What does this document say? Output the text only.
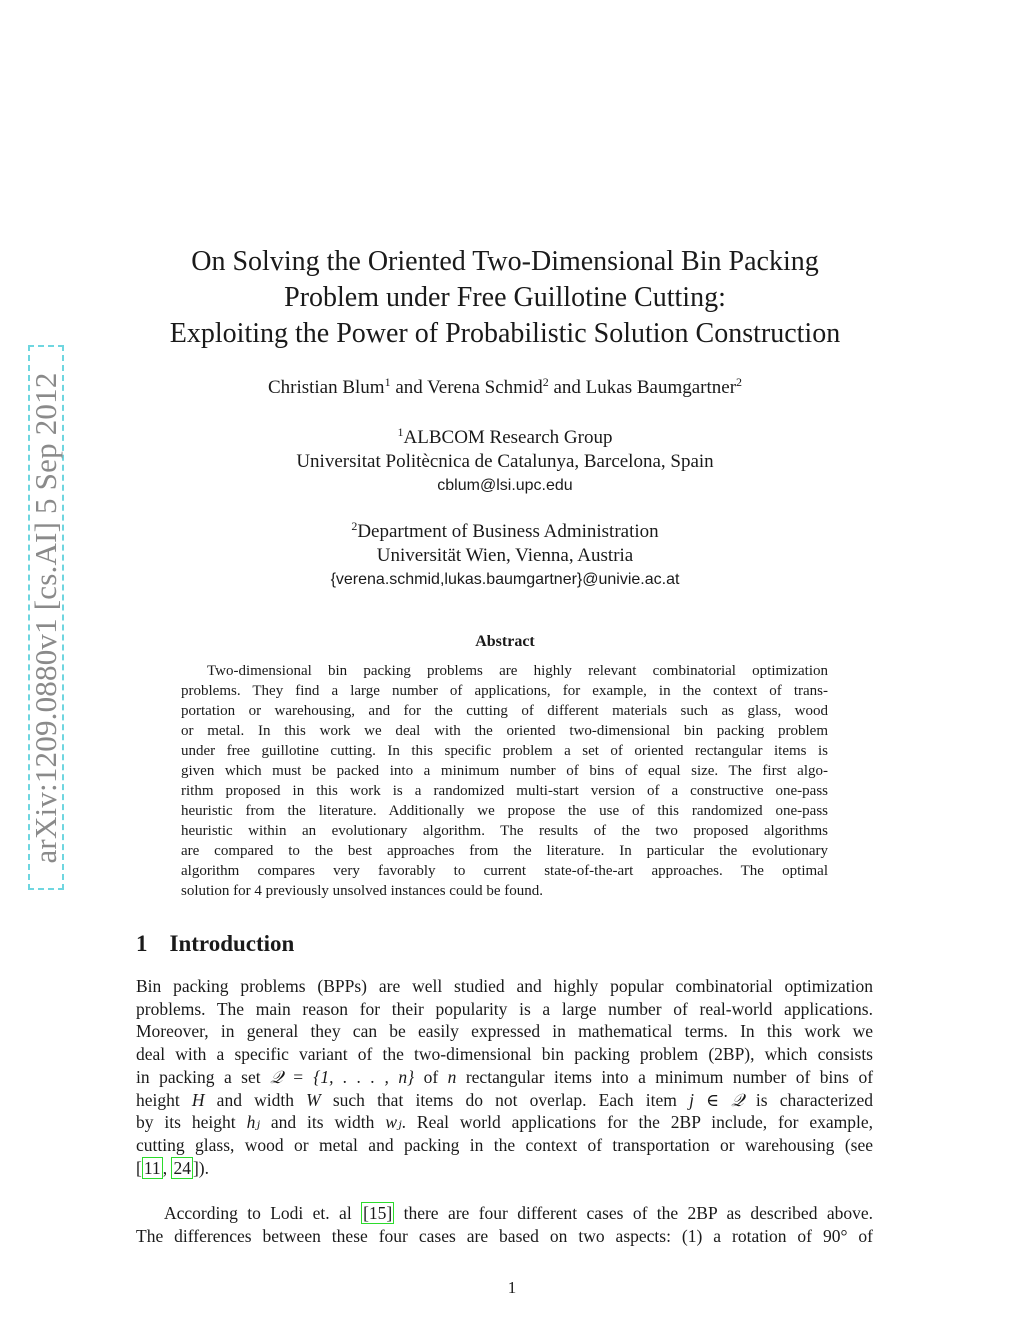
arXiv:1209.0880v1 [cs.AI] 5 Sep 2012
On Solving the Oriented Two-Dimensional Bin Packing
Problem under Free Guillotine Cutting:
Exploiting the Power of Probabilistic Solution Construction
Christian Blum$^1$ and Verena Schmid$^2$ and Lukas Baumgartner$^2$
$^1$ALBCOM Research Group
Universitat Politècnica de Catalunya, Barcelona, Spain
cblum@lsi.upc.edu
$^2$Department of Business Administration
Universität Wien, Vienna, Austria
{verena.schmid,lukas.baumgartner}@univie.ac.at
Abstract
Two-dimensional bin packing problems are highly relevant combinatorial optimization
problems. They find a large number of applications, for example, in the context of trans-
portation or warehousing, and for the cutting of different materials such as glass, wood
or metal. In this work we deal with the oriented two-dimensional bin packing problem
under free guillotine cutting. In this specific problem a set of oriented rectangular items is
given which must be packed into a minimum number of bins of equal size. The first algo-
rithm proposed in this work is a randomized multi-start version of a constructive one-pass
heuristic from the literature. Additionally we propose the use of this randomized one-pass
heuristic within an evolutionary algorithm. The results of the two proposed algorithms
are compared to the best approaches from the literature. In particular the evolutionary
algorithm compares very favorably to current state-of-the-art approaches. The optimal
solution for 4 previously unsolved instances could be found.
1 Introduction
Bin packing problems (BPPs) are well studied and highly popular combinatorial optimization
problems. The main reason for their popularity is a large number of real-world applications.
Moreover, in general they can be easily expressed in mathematical terms. In this work we
deal with a specific variant of the two-dimensional bin packing problem (2BP), which consists
in packing a set 𝒬 = {1, . . . , n} of n rectangular items into a minimum number of bins of
height H and width W such that items do not overlap. Each item j ∈ 𝒬 is characterized
by its height hⱼ and its width wⱼ. Real world applications for the 2BP include, for example,
cutting glass, wood or metal and packing in the context of transportation or warehousing (see
[ 11 , 24 ]).
According to Lodi et. al [15] there are four different cases of the 2BP as described above.
The differences between these four cases are based on two aspects: (1) a rotation of 90° of
1
